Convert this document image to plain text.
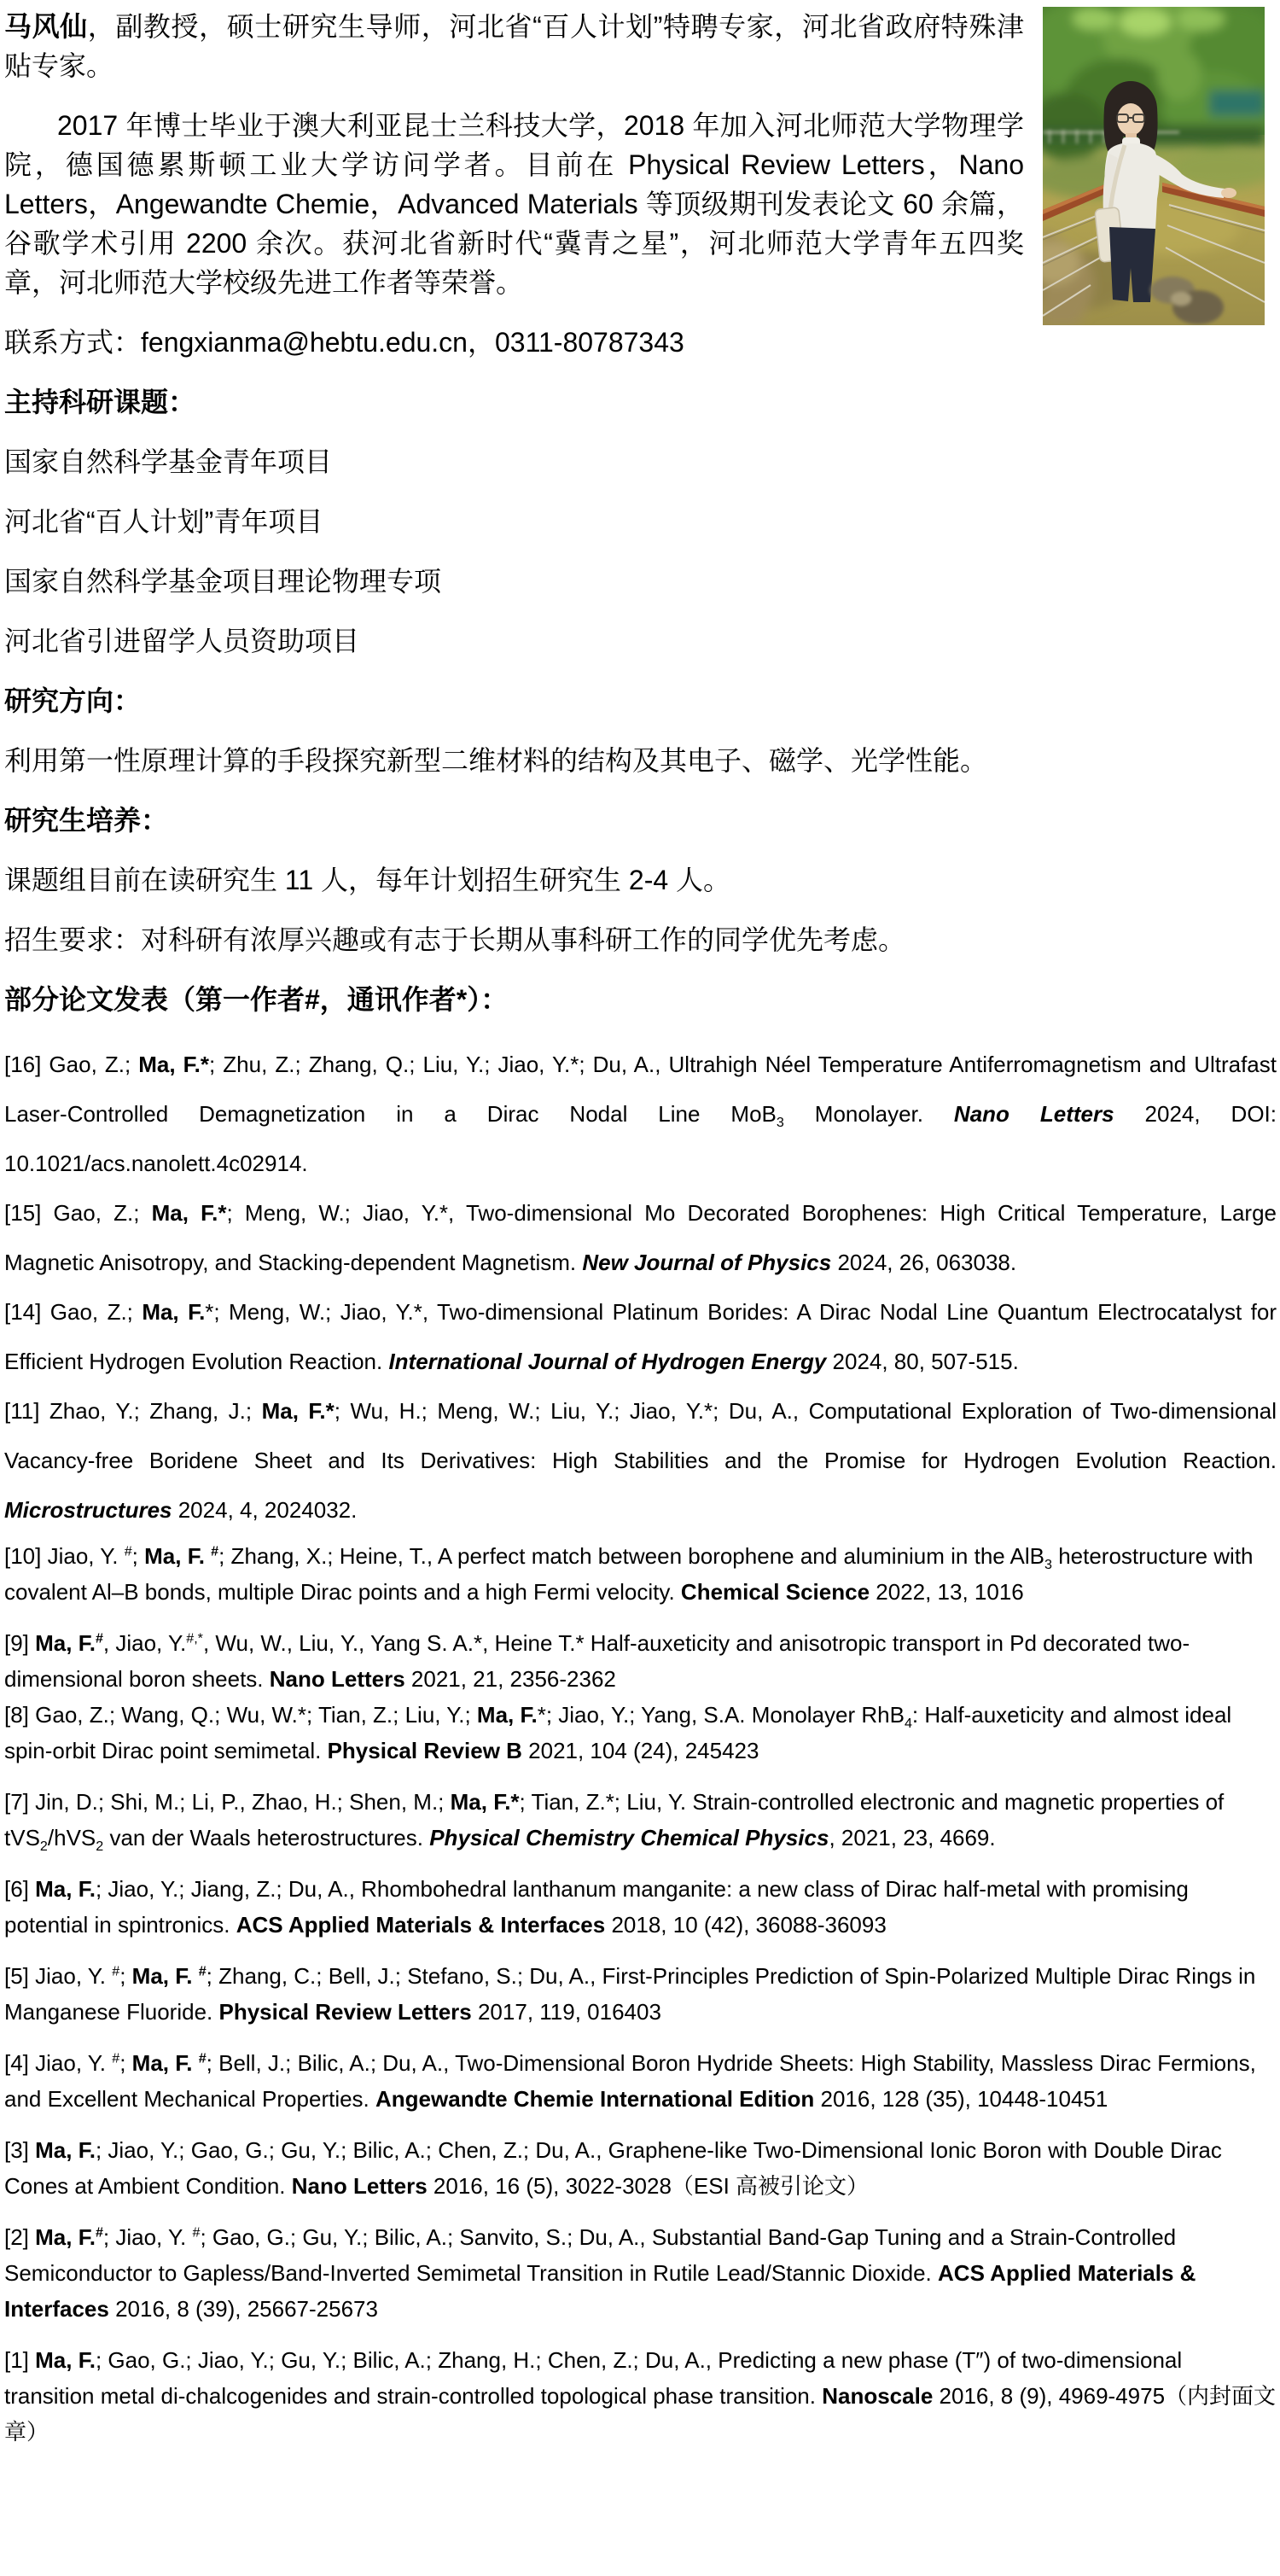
马风仙，副教授，硕士研究生导师，河北省“百人计划”特聘专家，河北省政府特殊津贴专家。

2017 年博士毕业于澳大利亚昆士兰科技大学，2018 年加入河北师范大学物理学院，德国德累斯顿工业大学访问学者。目前在 Physical Review Letters，Nano Letters，Angewandte Chemie，Advanced Materials 等顶级期刊发表论文 60 余篇，谷歌学术引用 2200 余次。获河北省新时代“冀青之星”，河北师范大学青年五四奖章，河北师范大学校级先进工作者等荣誉。

联系方式：fengxianma@hebtu.edu.cn，0311-80787343

主持科研课题：

国家自然科学基金青年项目

河北省“百人计划”青年项目

国家自然科学基金项目理论物理专项

河北省引进留学人员资助项目

研究方向：

利用第一性原理计算的手段探究新型二维材料的结构及其电子、磁学、光学性能。

研究生培养：

课题组目前在读研究生 11 人，每年计划招生研究生 2-4 人。

招生要求：对科研有浓厚兴趣或有志于长期从事科研工作的同学优先考虑。

部分论文发表（第一作者#，通讯作者*）：

[16] Gao, Z.; Ma, F.*; Zhu, Z.; Zhang, Q.; Liu, Y.; Jiao, Y.*; Du, A., Ultrahigh Néel Temperature Antiferromagnetism and Ultrafast Laser-Controlled Demagnetization in a Dirac Nodal Line MoB$_3$ Monolayer. Nano Letters 2024, DOI: 10.1021/acs.nanolett.4c02914.

[15] Gao, Z.; Ma, F.*; Meng, W.; Jiao, Y.*, Two-dimensional Mo Decorated Borophenes: High Critical Temperature, Large Magnetic Anisotropy, and Stacking-dependent Magnetism. New Journal of Physics 2024, 26, 063038.

[14] Gao, Z.; Ma, F.*; Meng, W.; Jiao, Y.*, Two-dimensional Platinum Borides: A Dirac Nodal Line Quantum Electrocatalyst for Efficient Hydrogen Evolution Reaction. International Journal of Hydrogen Energy 2024, 80, 507-515.

[11] Zhao, Y.; Zhang, J.; Ma, F.*; Wu, H.; Meng, W.; Liu, Y.; Jiao, Y.*; Du, A., Computational Exploration of Two-dimensional Vacancy-free Boridene Sheet and Its Derivatives: High Stabilities and the Promise for Hydrogen Evolution Reaction. Microstructures 2024, 4, 2024032.

[10] Jiao, Y. #; Ma, F. #; Zhang, X.; Heine, T., A perfect match between borophene and aluminium in the AlB$_3$ heterostructure with covalent Al–B bonds, multiple Dirac points and a high Fermi velocity. Chemical Science 2022, 13, 1016

[9] Ma, F.#, Jiao, Y.#,*, Wu, W., Liu, Y., Yang S. A.*, Heine T.* Half-auxeticity and anisotropic transport in Pd decorated two-dimensional boron sheets. Nano Letters 2021, 21, 2356-2362

[8] Gao, Z.; Wang, Q.; Wu, W.*; Tian, Z.; Liu, Y.; Ma, F.*; Jiao, Y.; Yang, S.A. Monolayer RhB$_4$: Half-auxeticity and almost ideal spin-orbit Dirac point semimetal. Physical Review B 2021, 104 (24), 245423

[7] Jin, D.; Shi, M.; Li, P., Zhao, H.; Shen, M.; Ma, F.*; Tian, Z.*; Liu, Y. Strain-controlled electronic and magnetic properties of tVS$_2$/hVS$_2$ van der Waals heterostructures. Physical Chemistry Chemical Physics, 2021, 23, 4669.

[6] Ma, F.; Jiao, Y.; Jiang, Z.; Du, A., Rhombohedral lanthanum manganite: a new class of Dirac half-metal with promising potential in spintronics. ACS Applied Materials & Interfaces 2018, 10 (42), 36088-36093

[5] Jiao, Y. #; Ma, F. #; Zhang, C.; Bell, J.; Stefano, S.; Du, A., First-Principles Prediction of Spin-Polarized Multiple Dirac Rings in Manganese Fluoride. Physical Review Letters 2017, 119, 016403

[4] Jiao, Y. #; Ma, F. #; Bell, J.; Bilic, A.; Du, A., Two-Dimensional Boron Hydride Sheets: High Stability, Massless Dirac Fermions, and Excellent Mechanical Properties. Angewandte Chemie International Edition 2016, 128 (35), 10448-10451

[3] Ma, F.; Jiao, Y.; Gao, G.; Gu, Y.; Bilic, A.; Chen, Z.; Du, A., Graphene-like Two-Dimensional Ionic Boron with Double Dirac Cones at Ambient Condition. Nano Letters 2016, 16 (5), 3022-3028（ESI 高被引论文）

[2] Ma, F.#; Jiao, Y. #; Gao, G.; Gu, Y.; Bilic, A.; Sanvito, S.; Du, A., Substantial Band-Gap Tuning and a Strain-Controlled Semiconductor to Gapless/Band-Inverted Semimetal Transition in Rutile Lead/Stannic Dioxide. ACS Applied Materials & Interfaces 2016, 8 (39), 25667-25673

[1] Ma, F.; Gao, G.; Jiao, Y.; Gu, Y.; Bilic, A.; Zhang, H.; Chen, Z.; Du, A., Predicting a new phase (T″) of two-dimensional transition metal di-chalcogenides and strain-controlled topological phase transition. Nanoscale 2016, 8 (9), 4969-4975（内封面文章）
